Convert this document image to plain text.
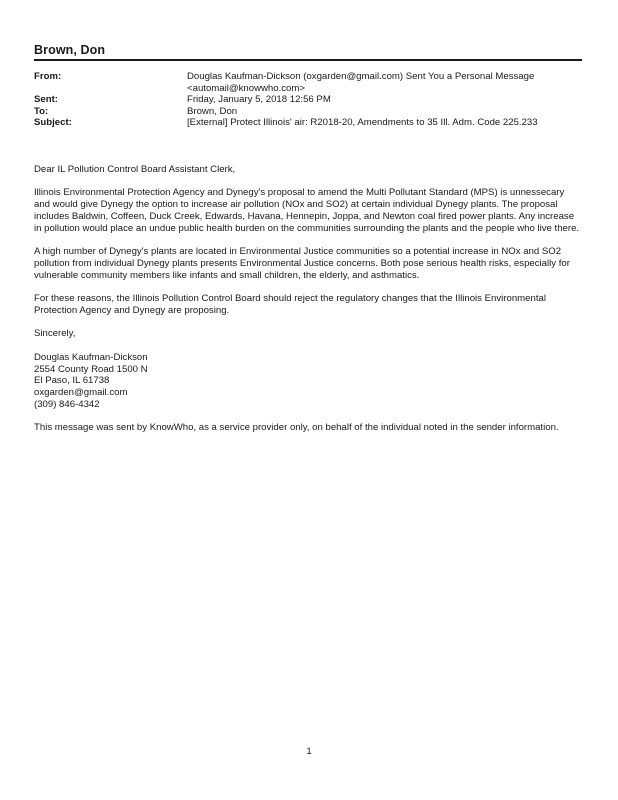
Brown, Don
From:	Douglas Kaufman-Dickson (oxgarden@gmail.com) Sent You a Personal Message
<automail@knowwho.com>
Sent:	Friday, January 5, 2018 12:56 PM
To:	Brown, Don
Subject:	[External] Protect Illinois' air: R2018-20, Amendments to 35 Ill. Adm. Code 225.233

Dear IL Pollution Control Board Assistant Clerk,

Illinois Environmental Protection Agency and Dynegy's proposal to amend the Multi Pollutant Standard (MPS) is unnessecary and would give Dynegy the option to increase air pollution (NOx and SO2) at certain individual Dynegy plants. The proposal includes Baldwin, Coffeen, Duck Creek, Edwards, Havana, Hennepin, Joppa, and Newton coal fired power plants. Any increase in pollution would place an undue public health burden on the communities surrounding the plants and the people who live there.

A high number of Dynegy's plants are located in Environmental Justice communities so a potential increase in NOx and SO2 pollution from individual Dynegy plants presents Environmental Justice concerns. Both pose serious health risks, especially for vulnerable community members like infants and small children, the elderly, and asthmatics.

For these reasons, the Illinois Pollution Control Board should reject the regulatory changes that the Illinois Environmental Protection Agency and Dynegy are proposing.

Sincerely,

Douglas Kaufman-Dickson
2554 County Road 1500 N
El Paso, IL 61738
oxgarden@gmail.com
(309) 846-4342

This message was sent by KnowWho, as a service provider only, on behalf of the individual noted in the sender information.

1
